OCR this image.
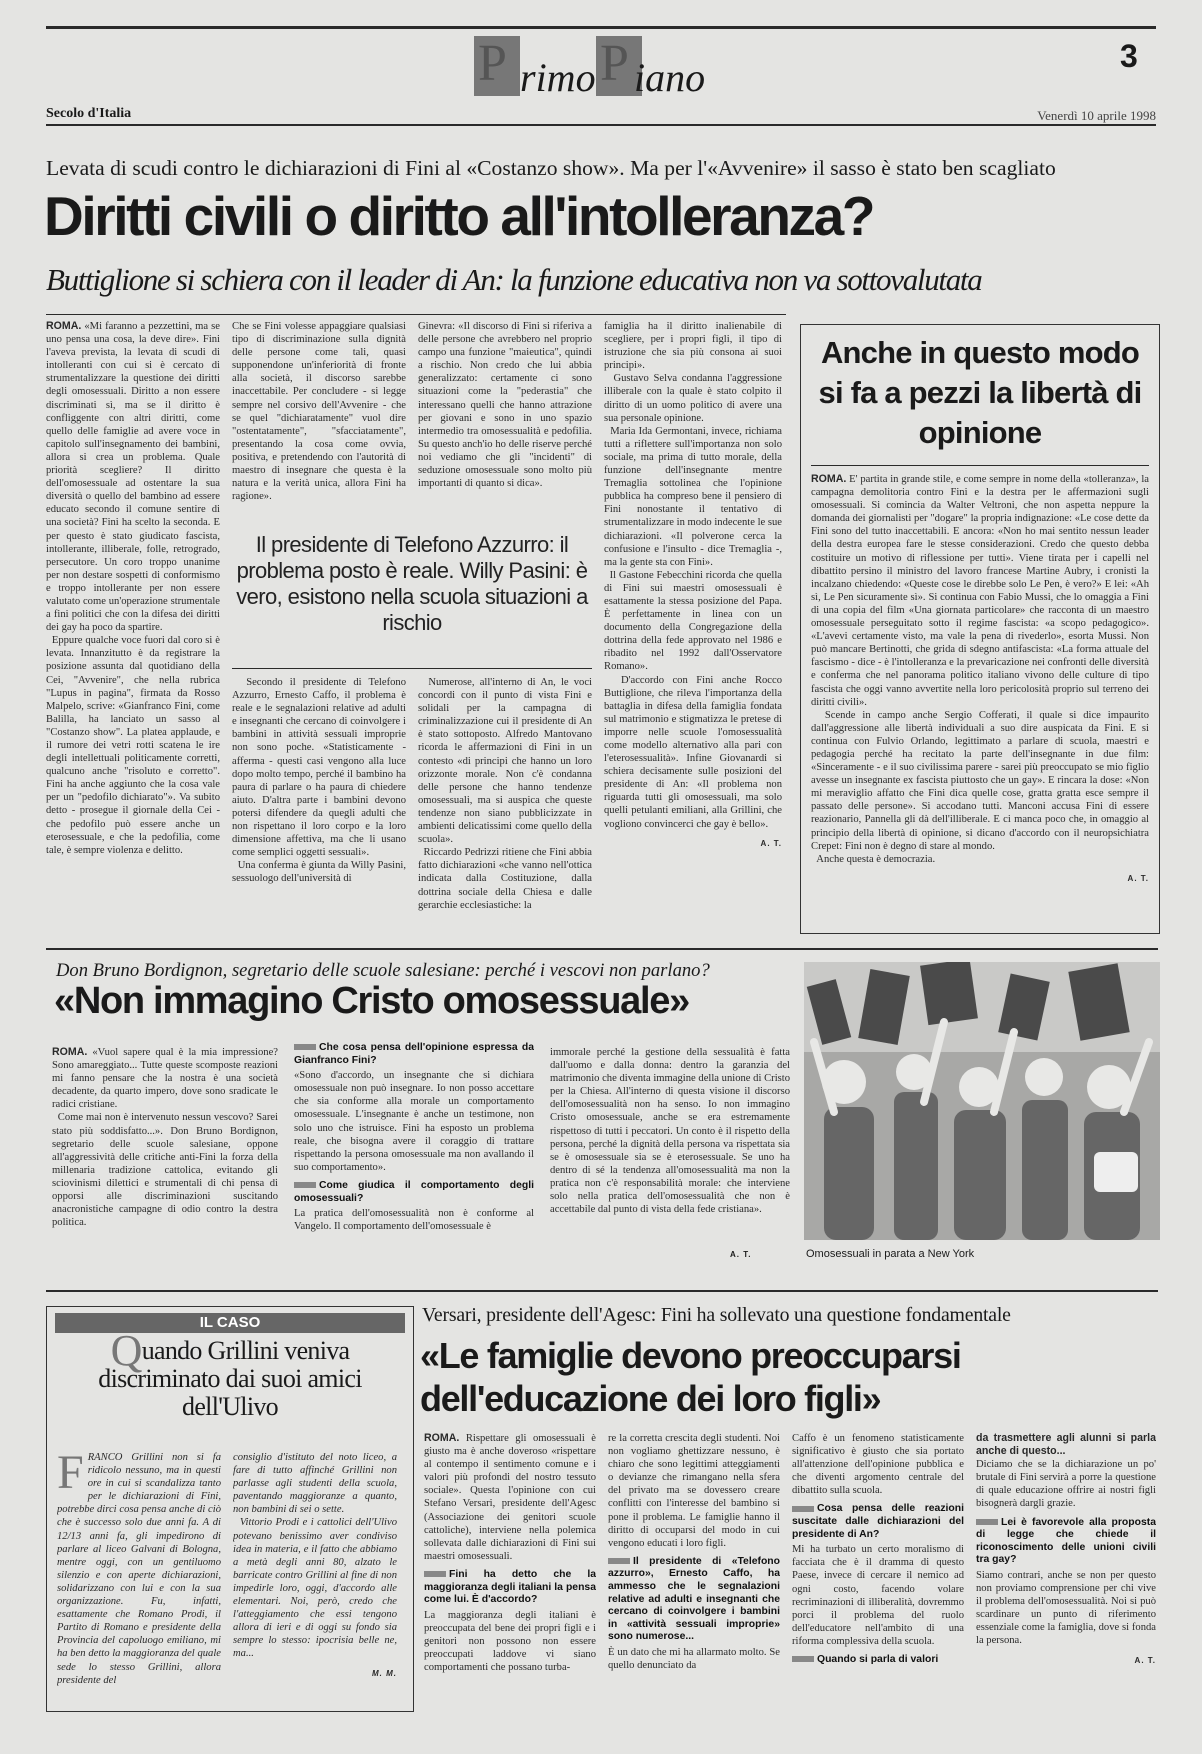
P rimo P iano	3
Secolo d'Italia	Venerdì 10 aprile 1998
Levata di scudi contro le dichiarazioni di Fini al «Costanzo show». Ma per l'«Avvenire» il sasso è stato ben scagliato
Diritti civili o diritto all'intolleranza?
Buttiglione si schiera con il leader di An: la funzione educativa non va sottovalutata
ROMA. «Mi faranno a pezzettini, ma se uno pensa una cosa, la deve dire». Fini l'aveva prevista, la levata di scudi di intolleranti con cui si è cercato di strumentalizzare la questione dei diritti degli omosessuali. Diritto a non essere discriminati sì, ma se il diritto è confliggente con altri diritti, come quello delle famiglie ad avere voce in capitolo sull'insegnamento dei bambini, allora si crea un problema. Quale priorità scegliere? Il diritto dell'omosessuale ad ostentare la sua diversità o quello del bambino ad essere educato secondo il comune sentire di una società? Fini ha scelto la seconda. E per questo è stato giudicato fascista, intollerante, illiberale, folle, retrogrado, persecutore. Un coro troppo unanime per non destare sospetti di conformismo e troppo intollerante per non essere valutato come un'operazione strumentale a fini politici che con la difesa dei diritti dei gay ha poco da spartire.
Eppure qualche voce fuori dal coro si è levata. Innanzitutto è da registrare la posizione assunta dal quotidiano della Cei, "Avvenire", che nella rubrica "Lupus in pagina", firmata da Rosso Malpelo, scrive: «Gianfranco Fini, come Balilla, ha lanciato un sasso al "Costanzo show". La platea applaude, e il rumore dei vetri rotti scatena le ire degli intellettuali politicamente corretti, qualcuno anche "risoluto e corretto". Fini ha anche aggiunto che la cosa vale per un "pedofilo dichiarato"». Va subito detto - prosegue il giornale della Cei - che pedofilo può essere anche un eterosessuale, e che la pedofilia, come tale, è sempre violenza e delitto.
Che se Fini volesse appaggiare qualsiasi tipo di discriminazione sulla dignità delle persone come tali, quasi supponendone un'inferiorità di fronte alla società, il discorso sarebbe inaccettabile. Per concludere - si legge sempre nel corsivo dell'Avvenire - che se quel "dichiaratamente" vuol dire "ostentatamente", "sfacciatamente", presentando la cosa come ovvia, positiva, e pretendendo con l'autorità di maestro di insegnare che questa è la natura e la verità unica, allora Fini ha ragione».
Ginevra: «Il discorso di Fini si riferiva a delle persone che avrebbero nel proprio campo una funzione "maieutica", quindi a rischio. Non credo che lui abbia generalizzato: certamente ci sono situazioni come la "pederastia" che interessano quelli che hanno attrazione per giovani e sono in uno spazio intermedio tra omosessualità e pedofilia. Su questo anch'io ho delle riserve perché noi vediamo che gli "incidenti" di seduzione omosessuale sono molto più importanti di quanto si dica».
famiglia ha il diritto inalienabile di scegliere, per i propri figli, il tipo di istruzione che sia più consona ai suoi principi».
Gustavo Selva condanna l'aggressione illiberale con la quale è stato colpito il diritto di un uomo politico di avere una sua personale opinione.
Maria Ida Germontani, invece, richiama tutti a riflettere sull'importanza non solo sociale, ma prima di tutto morale, della funzione dell'insegnante mentre Tremaglia sottolinea che l'opinione pubblica ha compreso bene il pensiero di Fini nonostante il tentativo di strumentalizzare in modo indecente le sue dichiarazioni. «Il polverone cerca la confusione e l'insulto - dice Tremaglia -, ma la gente sta con Fini».
Il Gastone Febecchini ricorda che quella di Fini sui maestri omosessuali è esattamente la stessa posizione del Papa. È perfettamente in linea con un documento della Congregazione della dottrina della fede approvato nel 1986 e ribadito nel 1992 dall'Osservatore Romano».
D'accordo con Fini anche Rocco Buttiglione, che rileva l'importanza della battaglia in difesa della famiglia fondata sul matrimonio e stigmatizza le pretese di imporre nelle scuole l'omosessualità come modello alternativo alla pari con l'eterosessualità». Infine Giovanardi si schiera decisamente sulle posizioni del presidente di An: «Il problema non riguarda tutti gli omosessuali, ma solo quelli petulanti emiliani, alla Grillini, che vogliono convincerci che gay è bello».
A. T.
Il presidente di Telefono Azzurro: il problema posto è reale. Willy Pasini: è vero, esistono nella scuola situazioni a rischio
Secondo il presidente di Telefono Azzurro, Ernesto Caffo, il problema è reale e le segnalazioni relative ad adulti e insegnanti che cercano di coinvolgere i bambini in attività sessuali improprie non sono poche. «Statisticamente - afferma - questi casi vengono alla luce dopo molto tempo, perché il bambino ha paura di parlare o ha paura di chiedere aiuto. D'altra parte i bambini devono potersi difendere da quegli adulti che non rispettano il loro corpo e la loro dimensione affettiva, ma che li usano come semplici oggetti sessuali».
Una conferma è giunta da Willy Pasini, sessuologo dell'università di
Numerose, all'interno di An, le voci concordi con il punto di vista Fini e solidali per la campagna di criminalizzazione cui il presidente di An è stato sottoposto. Alfredo Mantovano ricorda le affermazioni di Fini in un contesto «di principi che hanno un loro orizzonte morale. Non c'è condanna delle persone che hanno tendenze omosessuali, ma si auspica che queste tendenze non siano pubblicizzate in ambienti delicatissimi come quello della scuola».
Riccardo Pedrizzi ritiene che Fini abbia fatto dichiarazioni «che vanno nell'ottica indicata dalla Costituzione, dalla dottrina sociale della Chiesa e dalle gerarchie ecclesiastiche: la
Anche in questo modo si fa a pezzi la libertà di opinione
ROMA. E' partita in grande stile, e come sempre in nome della «tolleranza», la campagna demolitoria contro Fini e la destra per le affermazioni sugli omosessuali. Si comincia da Walter Veltroni, che non aspetta neppure la domanda dei giornalisti per "dogare" la propria indignazione: «Le cose dette da Fini sono del tutto inaccettabili. E ancora: «Non ho mai sentito nessun leader della destra europea fare le stesse considerazioni. Credo che questo debba costituire un motivo di riflessione per tutti». Viene tirata per i capelli nel dibattito persino il ministro del lavoro francese Martine Aubry, i cronisti la incalzano chiedendo: «Queste cose le direbbe solo Le Pen, è vero?» E lei: «Ah sì, Le Pen sicuramente sì». Si continua con Fabio Mussi, che lo omaggia a Fini di una copia del film «Una giornata particolare» che racconta di un maestro omosessuale perseguitato sotto il regime fascista: «a scopo pedagogico». «L'avevi certamente visto, ma vale la pena di rivederlo», esorta Mussi. Non può mancare Bertinotti, che grida di sdegno antifascista: «La forma attuale del fascismo - dice - è l'intolleranza e la prevaricazione nei confronti delle diversità e conferma che nel panorama politico italiano vivono delle culture di tipo fascista che oggi vanno avvertite nella loro pericolosità proprio sul terreno dei diritti civili».
Scende in campo anche Sergio Cofferati, il quale si dice impaurito dall'aggressione alle libertà individuali a suo dire auspicata da Fini. E si continua con Fulvio Orlando, legittimato a parlare di scuola, maestri e pedagogia perché ha recitato la parte dell'insegnante in due film: «Sinceramente - e il suo civilissima parere - sarei più preoccupato se mio figlio avesse un insegnante ex fascista piuttosto che un gay». E rincara la dose: «Non mi meraviglio affatto che Fini dica quelle cose, gratta gratta esce sempre il passato delle persone». Si accodano tutti. Manconi accusa Fini di essere reazionario, Pannella gli dà dell'illiberale. E ci manca poco che, in omaggio al principio della libertà di opinione, si dicano d'accordo con il neuropsichiatra Crepet: Fini non è degno di stare al mondo.
Anche questa è democrazia.
A. T.
Don Bruno Bordignon, segretario delle scuole salesiane: perché i vescovi non parlano?
«Non immagino Cristo omosessuale»
ROMA. «Vuol sapere qual è la mia impressione? Sono amareggiato... Tutte queste scomposte reazioni mi fanno pensare che la nostra è una società decadente, da quarto impero, dove sono sradicate le radici cristiane.
Come mai non è intervenuto nessun vescovo? Sarei stato più soddisfatto...». Don Bruno Bordignon, segretario delle scuole salesiane, oppone all'aggressività delle critiche anti-Fini la forza della millenaria tradizione cattolica, evitando gli sciovinismi dilettici e strumentali di chi pensa di opporsi alle discriminazioni suscitando anacronistiche campagne di odio contro la destra politica.
Che cosa pensa dell'opinione espressa da Gianfranco Fini?
«Sono d'accordo, un insegnante che si dichiara omosessuale non può insegnare. Io non posso accettare che sia conforme alla morale un comportamento omosessuale. L'insegnante è anche un testimone, non solo uno che istruisce. Fini ha esposto un problema reale, che bisogna avere il coraggio di trattare rispettando la persona omosessuale ma non avallando il suo comportamento».
Come giudica il comportamento degli omosessuali?
La pratica dell'omosessualità non è conforme al Vangelo. Il comportamento dell'omosessuale è
immorale perché la gestione della sessualità è fatta dall'uomo e dalla donna: dentro la garanzia del matrimonio che diventa immagine della unione di Cristo per la Chiesa. All'interno di questa visione il discorso dell'omosessualità non ha senso. Io non immagino Cristo omosessuale, anche se era estremamente rispettoso di tutti i peccatori. Un conto è il rispetto della persona, perché la dignità della persona va rispettata sia se è omosessuale sia se è eterosessuale. Se uno ha dentro di sé la tendenza all'omosessualità ma non la pratica non c'è responsabilità morale: che interviene solo nella pratica dell'omosessualità che non è accettabile dal punto di vista della fede cristiana».
A. T.	Omosessuali in parata a New York
IL CASO
Quando Grillini veniva discriminato dai suoi amici dell'Ulivo
FRANCO Grillini non si fa ridicolo nessuno, ma in questi ore in cui si scandalizza tanto per le dichiarazioni di Fini, potrebbe dirci cosa pensa anche di ciò che è successo solo due anni fa. A di 12/13 anni fa, gli impedirono di parlare al liceo Galvani di Bologna, mentre oggi, con un gentiluomo silenzio e con aperte dichiarazioni, solidarizzano con lui e con la sua organizzazione. Fu, infatti, esattamente che Romano Prodi, il Partito di Romano e presidente della Provincia del capoluogo emiliano, mi ha ben detto la maggioranza del quale sede lo stesso Grillini, allora presidente del
consiglio d'istituto del noto liceo, a fare di tutto affinché Grillini non parlasse agli studenti della scuola, paventando maggioranze a quanto, non bambini di sei o sette.
Vittorio Prodi e i cattolici dell'Ulivo potevano benissimo aver condiviso idea in materia, e il fatto che abbiamo a metà degli anni 80, alzato le barricate contro Grillini al fine di non impedirle loro, oggi, d'accordo alle elementari. Noi, però, credo che l'atteggiamento che essi tengono allora di ieri e di oggi su fondo sia sempre lo stesso: ipocrisia belle ne, ma...
M. M.
Versari, presidente dell'Agesc: Fini ha sollevato una questione fondamentale
«Le famiglie devono preoccuparsi dell'educazione dei loro figli»
ROMA. Rispettare gli omosessuali è giusto ma è anche doveroso «rispettare al contempo il sentimento comune e i valori più profondi del nostro tessuto sociale». Questa l'opinione con cui Stefano Versari, presidente dell'Agesc (Associazione dei genitori scuole cattoliche), interviene nella polemica sollevata dalle dichiarazioni di Fini sui maestri omosessuali.
Fini ha detto che la maggioranza degli italiani la pensa come lui. È d'accordo?
La maggioranza degli italiani è preoccupata del bene dei propri figli e i genitori non possono non essere preoccupati laddove vi siano comportamenti che possano turba-
re la corretta crescita degli studenti. Noi non vogliamo ghettizzare nessuno, è chiaro che sono legittimi atteggiamenti o devianze che rimangano nella sfera del privato ma se dovessero creare conflitti con l'interesse del bambino si pone il problema. Le famiglie hanno il diritto di occuparsi del modo in cui vengono educati i loro figli.
Il presidente di «Telefono azzurro», Ernesto Caffo, ha ammesso che le segnalazioni relative ad adulti e insegnanti che cercano di coinvolgere i bambini in «attività sessuali improprie» sono numerose...
È un dato che mi ha allarmato molto. Se quello denunciato da
Caffo è un fenomeno statisticamente significativo è giusto che sia portato all'attenzione dell'opinione pubblica e che diventi argomento centrale del dibattito sulla scuola.
Cosa pensa delle reazioni suscitate dalle dichiarazioni del presidente di An?
Mi ha turbato un certo moralismo di facciata che è il dramma di questo Paese, invece di cercare il nemico ad ogni costo, facendo volare recriminazioni di illiberalità, dovremmo porci il problema del ruolo dell'educatore nell'ambito di una riforma complessiva della scuola.
Quando si parla di valori
da trasmettere agli alunni si parla anche di questo...
Diciamo che se la dichiarazione un po' brutale di Fini servirà a porre la questione di quale educazione offrire ai nostri figli bisognerà dargli grazie.
Lei è favorevole alla proposta di legge che chiede il riconoscimento delle unioni civili tra gay?
Siamo contrari, anche se non per questo non proviamo comprensione per chi vive il problema dell'omosessualità. Noi si può scardinare un punto di riferimento essenziale come la famiglia, dove si fonda la persona.
A. T.
